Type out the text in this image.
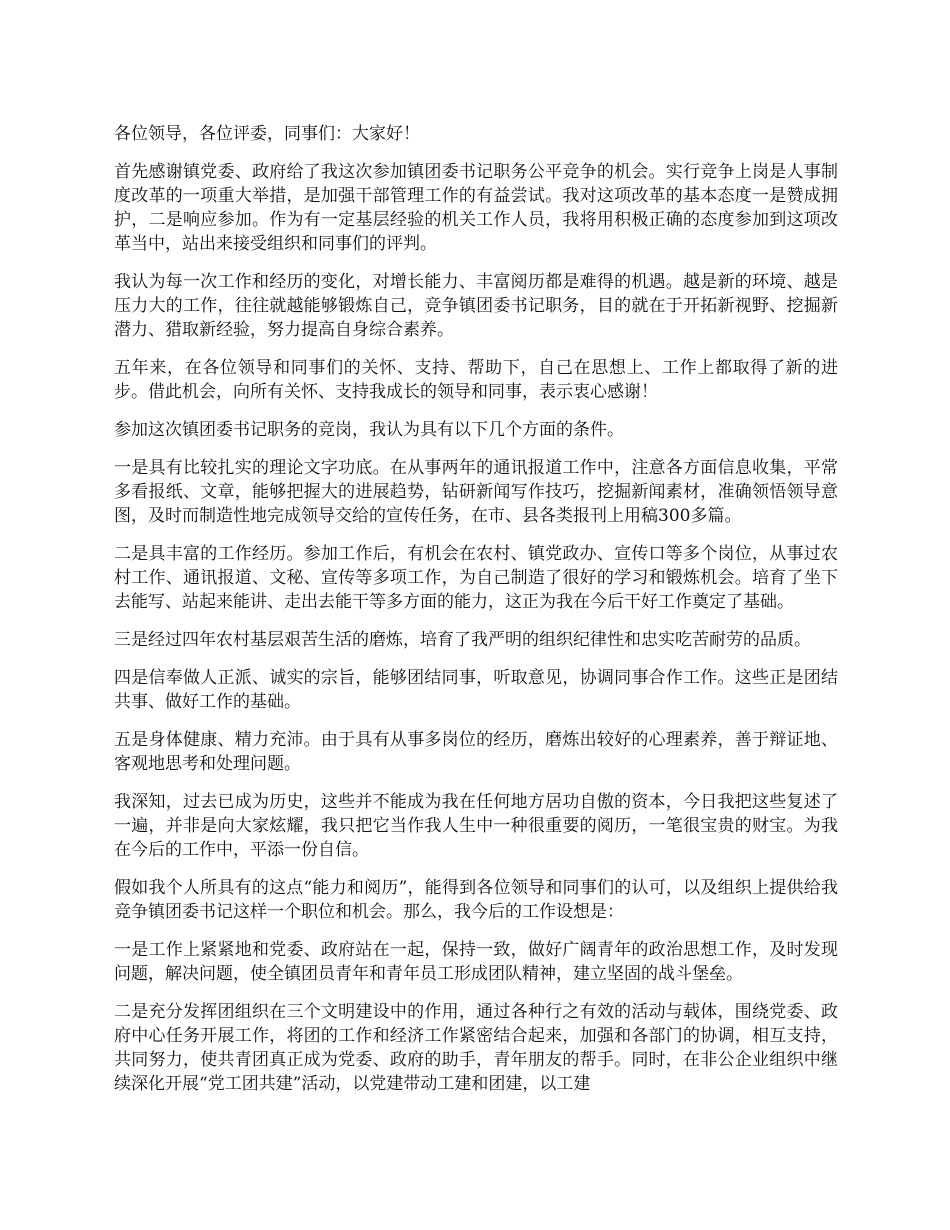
各位领导，各位评委，同事们：大家好！

首先感谢镇党委、政府给了我这次参加镇团委书记职务公平竞争的机会。实行竞争上岗是人事制度改革的一项重大举措，是加强干部管理工作的有益尝试。我对这项改革的基本态度一是赞成拥护，二是响应参加。作为有一定基层经验的机关工作人员，我将用积极正确的态度参加到这项改革当中，站出来接受组织和同事们的评判。

我认为每一次工作和经历的变化，对增长能力、丰富阅历都是难得的机遇。越是新的环境、越是压力大的工作，往往就越能够锻炼自己，竞争镇团委书记职务，目的就在于开拓新视野、挖掘新潜力、猎取新经验，努力提高自身综合素养。

五年来，在各位领导和同事们的关怀、支持、帮助下，自己在思想上、工作上都取得了新的进步。借此机会，向所有关怀、支持我成长的领导和同事，表示衷心感谢！

参加这次镇团委书记职务的竞岗，我认为具有以下几个方面的条件。

一是具有比较扎实的理论文字功底。在从事两年的通讯报道工作中，注意各方面信息收集，平常多看报纸、文章，能够把握大的进展趋势，钻研新闻写作技巧，挖掘新闻素材，准确领悟领导意图，及时而制造性地完成领导交给的宣传任务，在市、县各类报刊上用稿300多篇。

二是具丰富的工作经历。参加工作后，有机会在农村、镇党政办、宣传口等多个岗位，从事过农村工作、通讯报道、文秘、宣传等多项工作，为自己制造了很好的学习和锻炼机会。培育了坐下去能写、站起来能讲、走出去能干等多方面的能力，这正为我在今后干好工作奠定了基础。

三是经过四年农村基层艰苦生活的磨炼，培育了我严明的组织纪律性和忠实吃苦耐劳的品质。

四是信奉做人正派、诚实的宗旨，能够团结同事，听取意见，协调同事合作工作。这些正是团结共事、做好工作的基础。

五是身体健康、精力充沛。由于具有从事多岗位的经历，磨炼出较好的心理素养，善于辩证地、客观地思考和处理问题。

我深知，过去已成为历史，这些并不能成为我在任何地方居功自傲的资本，今日我把这些复述了一遍，并非是向大家炫耀，我只把它当作我人生中一种很重要的阅历，一笔很宝贵的财宝。为我在今后的工作中，平添一份自信。

假如我个人所具有的这点“能力和阅历”，能得到各位领导和同事们的认可，以及组织上提供给我竞争镇团委书记这样一个职位和机会。那么，我今后的工作设想是：

一是工作上紧紧地和党委、政府站在一起，保持一致，做好广阔青年的政治思想工作，及时发现问题，解决问题，使全镇团员青年和青年员工形成团队精神，建立坚固的战斗堡垒。

二是充分发挥团组织在三个文明建设中的作用，通过各种行之有效的活动与载体，围绕党委、政府中心任务开展工作，将团的工作和经济工作紧密结合起来，加强和各部门的协调，相互支持，共同努力，使共青团真正成为党委、政府的助手，青年朋友的帮手。同时，在非公企业组织中继续深化开展“党工团共建”活动，以党建带动工建和团建，以工建
